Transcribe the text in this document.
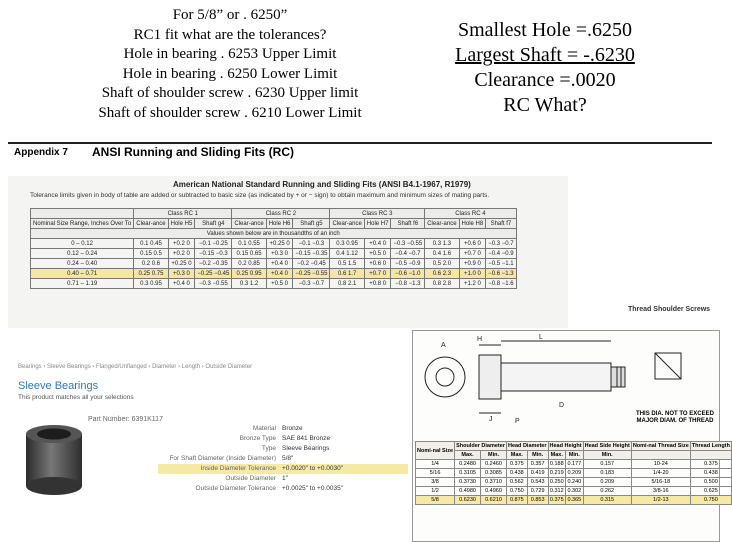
For 5/8” or . 6250”
RC1 fit what are the tolerances?
Hole in bearing . 6253 Upper Limit
Hole in bearing . 6250 Lower Limit
Shaft of shoulder screw . 6230 Upper limit
Shaft of shoulder screw . 6210 Lower Limit
Smallest Hole =.6250
Largest Shaft = -.6230
Clearance =.0020
RC What?
Appendix 7 ANSI Running and Sliding Fits (RC)
American National Standard Running and Sliding Fits (ANSI B4.1-1967, R1979)
Tolerance limits given in body of table are added or subtracted to basic size (as indicated by + or − sign) to obtain maximum and minimum sizes of mating parts.
	Class RC 1			Class RC 2			Class RC 3			Class RC 4		
Nominal Size Range, Inches Over To	Clear-ance	Hole H5	Shaft g4	Clear-ance	Hole H6	Shaft g5	Clear-ance	Hole H7	Shaft f6	Clear-ance	Hole H8	Shaft f7
Values shown below are in thousandths of an inch												
0 – 0.12	0.1 0.45	+0.2 0	−0.1 −0.25	0.1 0.55	+0.25 0	−0.1 −0.3	0.3 0.95	+0.4 0	−0.3 −0.55	0.3 1.3	+0.6 0	−0.3 −0.7
0.12 – 0.24	0.15 0.5	+0.2 0	−0.15 −0.3	0.15 0.65	+0.3 0	−0.15 −0.35	0.4 1.12	+0.5 0	−0.4 −0.7	0.4 1.6	+0.7 0	−0.4 −0.9
0.24 – 0.40	0.2 0.6	+0.25 0	−0.2 −0.35	0.2 0.85	+0.4 0	−0.2 −0.45	0.5 1.5	+0.6 0	−0.5 −0.9	0.5 2.0	+0.9 0	−0.5 −1.1
0.40 – 0.71	0.25 0.75	+0.3 0	−0.25 −0.45	0.25 0.95	+0.4 0	−0.25 −0.55	0.6 1.7	+0.7 0	−0.6 −1.0	0.6 2.3	+1.0 0	−0.6 −1.3
0.71 – 1.19	0.3 0.95	+0.4 0	−0.3 −0.55	0.3 1.2	+0.5 0	−0.3 −0.7	0.8 2.1	+0.8 0	−0.8 −1.3	0.8 2.8	+1.2 0	−0.8 −1.6
Bearings › Sleeve Bearings › Flanged/Unflanged › Diameter › Length › Outside Diameter
Sleeve Bearings
This product matches all your selections
Part Number: 6391K117
Material Bronze
Bronze Type SAE 841 Bronze
Type Sleeve Bearings
For Shaft Diameter (Inside Diameter) 5/8"
Inside Diameter Tolerance +0.0020" to +0.0030"
Outside Diameter 1"
Outside Diameter Tolerance +0.0025" to +0.0035"
Thread Shoulder Screws
A
H	L
D
J	P
THIS DIA. NOT TO EXCEED MAJOR DIAM. OF THREAD
Nomi-nal Size	Shoulder Diameter		Head Diameter		Head Height		Head Side Height	Nomi-nal Thread Size	Thread Length
	Max.	Min.	Max.	Min.	Max.	Min.	Min.		
1/4	0.2480	0.2460	0.375	0.357	0.188	0.177	0.157	10-24	0.375
5/16	0.3105	0.3085	0.438	0.419	0.219	0.209	0.183	1/4-20	0.438
3/8	0.3730	0.3710	0.562	0.543	0.250	0.240	0.209	5/16-18	0.500
1/2	0.4980	0.4960	0.750	0.729	0.312	0.302	0.262	3/8-16	0.625
5/8	0.6230	0.6210	0.875	0.853	0.375	0.365	0.315	1/2-13	0.750
